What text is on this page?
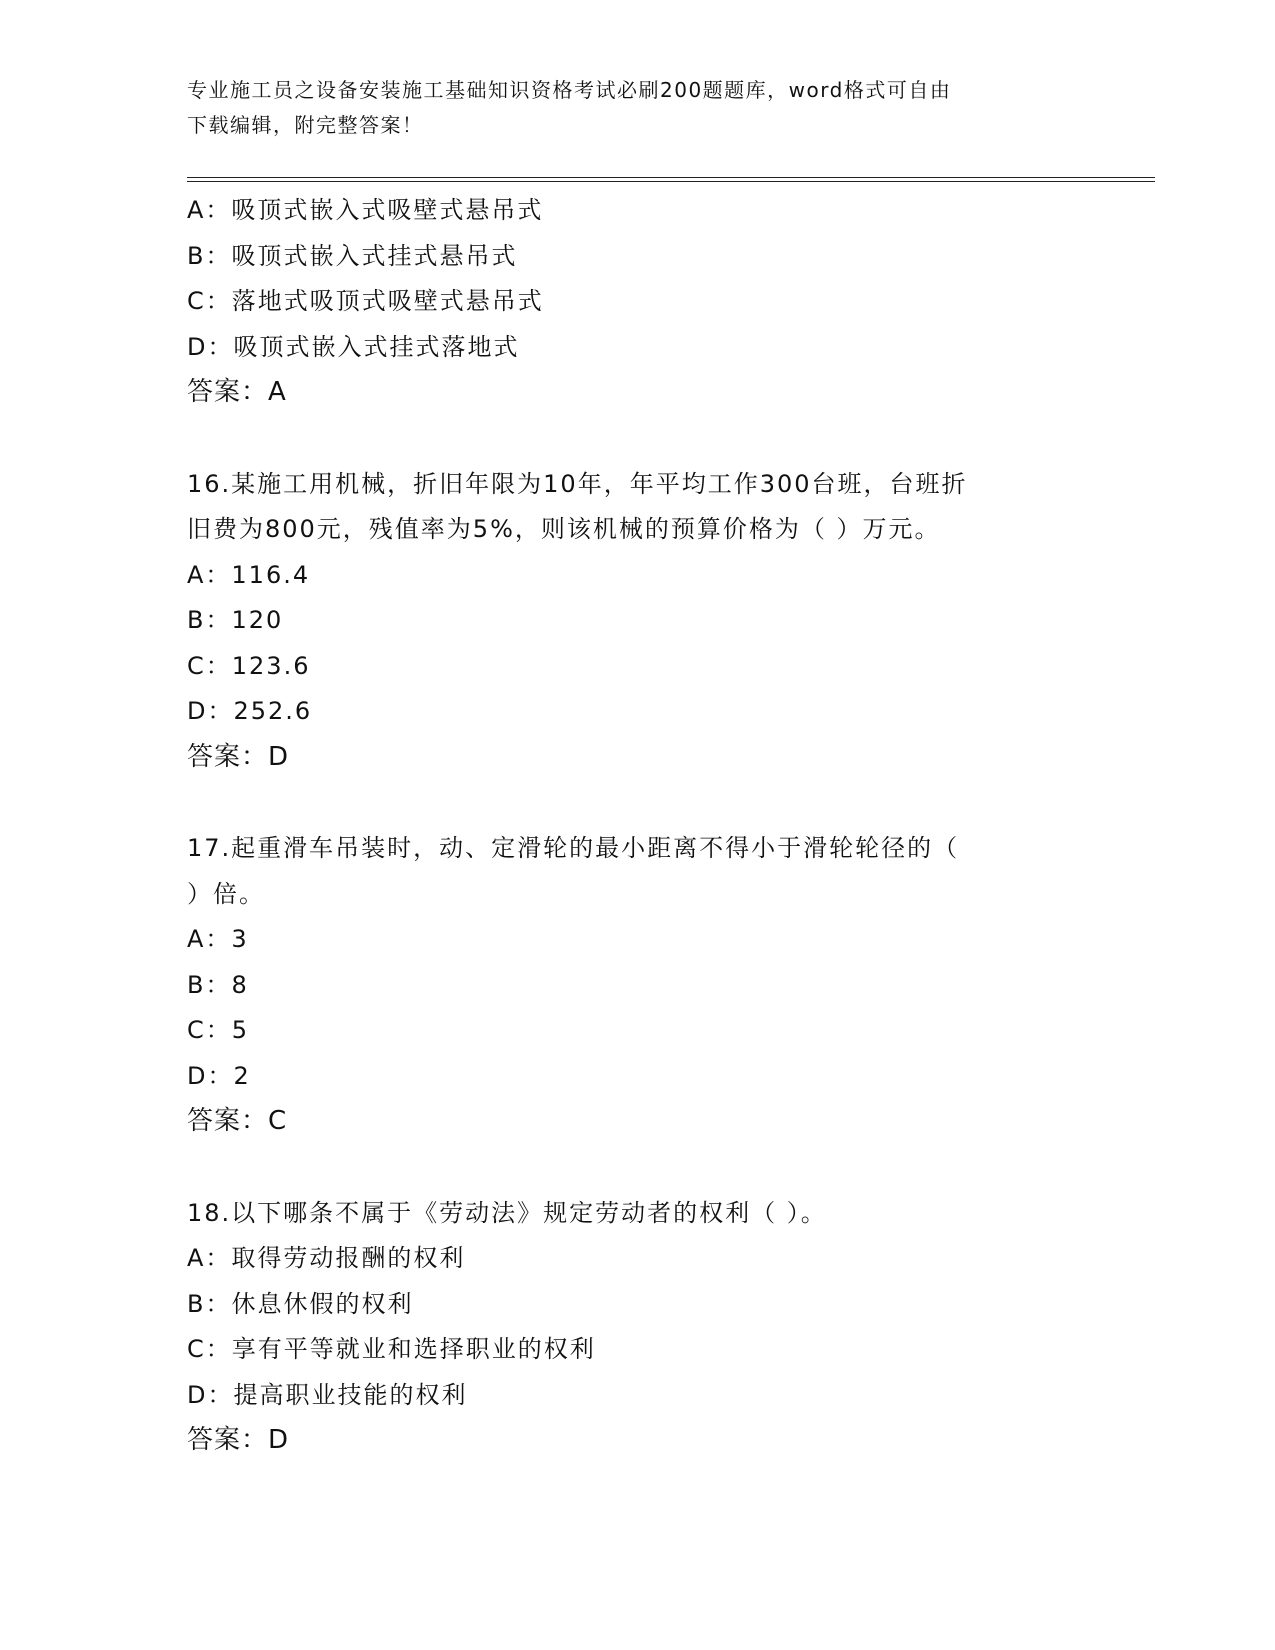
专业施工员之设备安装施工基础知识资格考试必刷200题题库，word格式可自由
下载编辑，附完整答案！
A：吸顶式嵌入式吸壁式悬吊式
B：吸顶式嵌入式挂式悬吊式
C：落地式吸顶式吸壁式悬吊式
D：吸顶式嵌入式挂式落地式
答案：A
16.某施工用机械，折旧年限为10年，年平均工作300台班，台班折
旧费为800元，残值率为5%，则该机械的预算价格为（ ）万元。
A：116.4
B：120
C：123.6
D：252.6
答案：D
17.起重滑车吊装时，动、定滑轮的最小距离不得小于滑轮轮径的（
）倍。
A：3
B：8
C：5
D：2
答案：C
18.以下哪条不属于《劳动法》规定劳动者的权利（ ）。
A：取得劳动报酬的权利
B：休息休假的权利
C：享有平等就业和选择职业的权利
D：提高职业技能的权利
答案：D
